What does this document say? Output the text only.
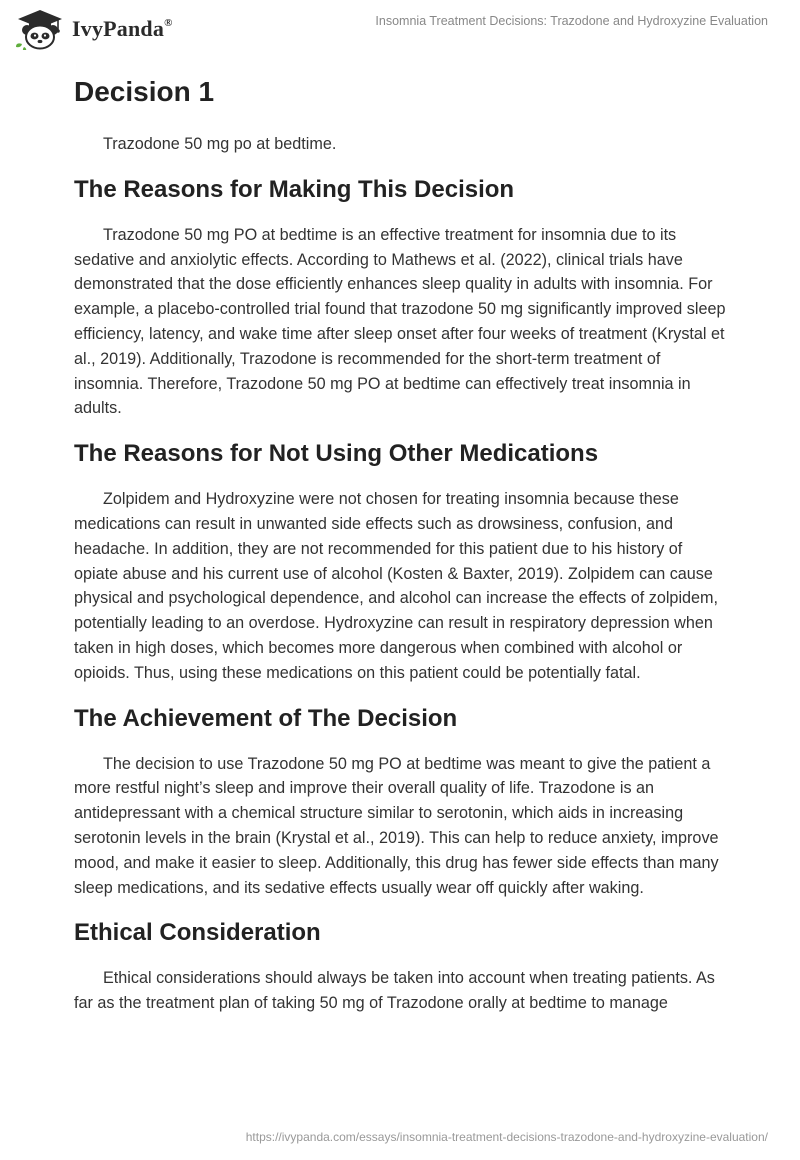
IvyPanda®	Insomnia Treatment Decisions: Trazodone and Hydroxyzine Evaluation
Decision 1

Trazodone 50 mg po at bedtime.

The Reasons for Making This Decision

Trazodone 50 mg PO at bedtime is an effective treatment for insomnia due to its sedative and anxiolytic effects. According to Mathews et al. (2022), clinical trials have demonstrated that the dose efficiently enhances sleep quality in adults with insomnia. For example, a placebo-controlled trial found that trazodone 50 mg significantly improved sleep efficiency, latency, and wake time after sleep onset after four weeks of treatment (Krystal et al., 2019). Additionally, Trazodone is recommended for the short-term treatment of insomnia. Therefore, Trazodone 50 mg PO at bedtime can effectively treat insomnia in adults.

The Reasons for Not Using Other Medications

Zolpidem and Hydroxyzine were not chosen for treating insomnia because these medications can result in unwanted side effects such as drowsiness, confusion, and headache. In addition, they are not recommended for this patient due to his history of opiate abuse and his current use of alcohol (Kosten & Baxter, 2019). Zolpidem can cause physical and psychological dependence, and alcohol can increase the effects of zolpidem, potentially leading to an overdose. Hydroxyzine can result in respiratory depression when taken in high doses, which becomes more dangerous when combined with alcohol or opioids. Thus, using these medications on this patient could be potentially fatal.

The Achievement of The Decision

The decision to use Trazodone 50 mg PO at bedtime was meant to give the patient a more restful night’s sleep and improve their overall quality of life. Trazodone is an antidepressant with a chemical structure similar to serotonin, which aids in increasing serotonin levels in the brain (Krystal et al., 2019). This can help to reduce anxiety, improve mood, and make it easier to sleep. Additionally, this drug has fewer side effects than many sleep medications, and its sedative effects usually wear off quickly after waking.

Ethical Consideration

Ethical considerations should always be taken into account when treating patients. As far as the treatment plan of taking 50 mg of Trazodone orally at bedtime to manage

https://ivypanda.com/essays/insomnia-treatment-decisions-trazodone-and-hydroxyzine-evaluation/
